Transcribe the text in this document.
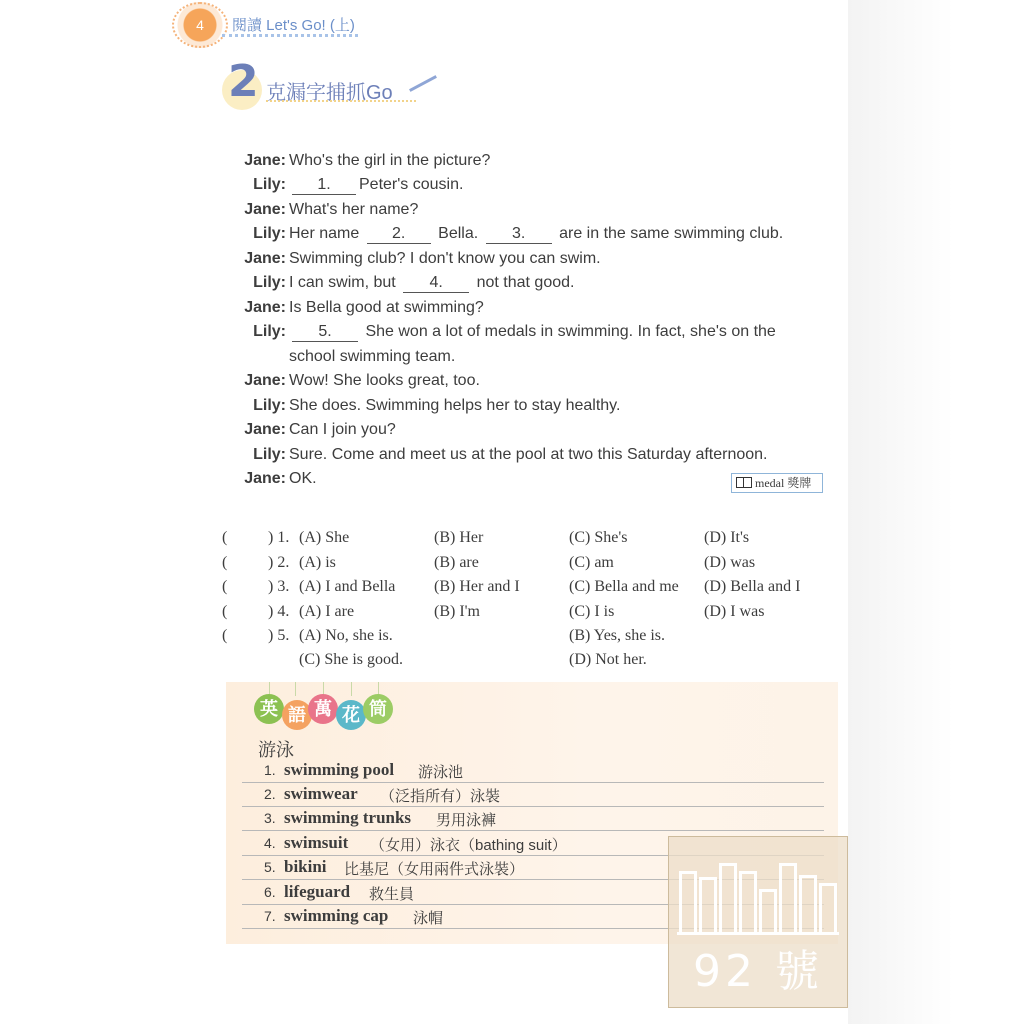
4	閱讀 Let's Go! (上)
2 克漏字捕抓Go
Jane: Who's the girl in the picture?
Lily:	1. Peter's cousin.
Jane: What's her name?
Lily: Her name 2. Bella. 3. are in the same swimming club.
Jane: Swimming club? I don't know you can swim.
Lily: I can swim, but 4. not that good.
Jane: Is Bella good at swimming?
Lily:	5. She won a lot of medals in swimming. In fact, she's on the
school swimming team.
Jane: Wow! She looks great, too.
Lily: She does. Swimming helps her to stay healthy.
Jane: Can I join you?
Lily: Sure. Come and meet us at the pool at two this Saturday afternoon.
Jane: OK.	medal 獎牌
(	) 1. (A) She	(B) Her	(C) She's	(D) It's
(	) 2. (A) is	(B) are	(C) am	(D) was
(	) 3. (A) I and Bella (B) Her and I	(C) Bella and me (D) Bella and I
(	) 4. (A) I are	(B) I'm	(C) I is	(D) I was
(	) 5. (A) No, she is.	(B) Yes, she is.
(C) She is good.	(D) Not her.
英 語 萬 花 筒
游泳
1. swimming pool 游泳池
2. swimwear （泛指所有）泳裝
3. swimming trunks 男用泳褲
4. swimsuit （女用）泳衣（bathing suit）
5. bikini 比基尼（女用兩件式泳裝）
6. lifeguard 救生員
7. swimming cap 泳帽
92 號
